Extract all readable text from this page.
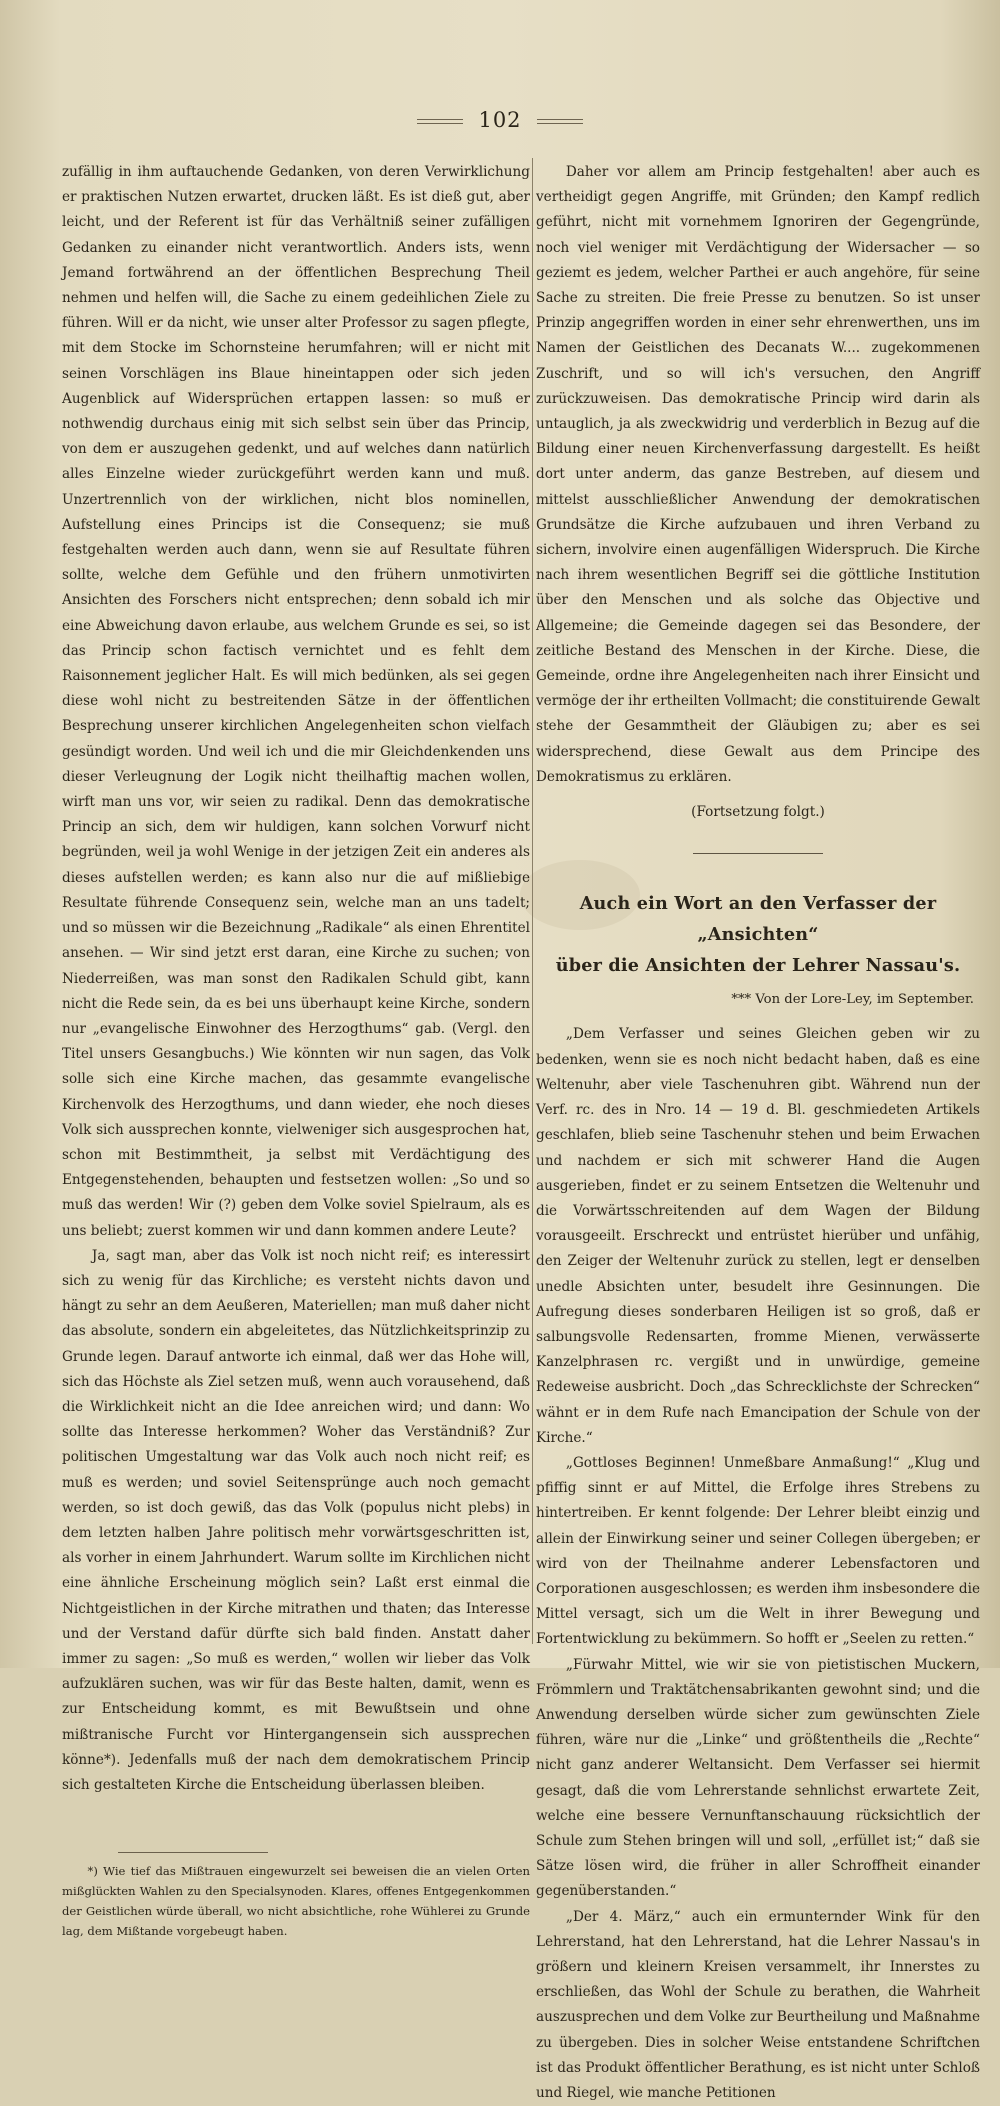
102

zufällig in ihm auftauchende Gedanken, von deren Verwirklichung er praktischen Nutzen erwartet, drucken läßt. Es ist dieß gut, aber leicht, und der Referent ist für das Verhältniß seiner zufälligen Gedanken zu einander nicht verantwortlich. Anders ists, wenn Jemand fortwährend an der öffentlichen Besprechung Theil nehmen und helfen will, die Sache zu einem gedeihlichen Ziele zu führen. Will er da nicht, wie unser alter Professor zu sagen pflegte, mit dem Stocke im Schornsteine herumfahren; will er nicht mit seinen Vorschlägen ins Blaue hineintappen oder sich jeden Augenblick auf Widersprüchen ertappen lassen: so muß er nothwendig durchaus einig mit sich selbst sein über das Princip, von dem er auszugehen gedenkt, und auf welches dann natürlich alles Einzelne wieder zurückgeführt werden kann und muß. Unzertrennlich von der wirklichen, nicht blos nominellen, Aufstellung eines Princips ist die Consequenz; sie muß festgehalten werden auch dann, wenn sie auf Resultate führen sollte, welche dem Gefühle und den frühern unmotivirten Ansichten des Forschers nicht entsprechen; denn sobald ich mir eine Abweichung davon erlaube, aus welchem Grunde es sei, so ist das Princip schon factisch vernichtet und es fehlt dem Raisonnement jeglicher Halt. Es will mich bedünken, als sei gegen diese wohl nicht zu bestreitenden Sätze in der öffentlichen Besprechung unserer kirchlichen Angelegenheiten schon vielfach gesündigt worden. Und weil ich und die mir Gleichdenkenden uns dieser Verleugnung der Logik nicht theilhaftig machen wollen, wirft man uns vor, wir seien zu radikal. Denn das demokratische Princip an sich, dem wir huldigen, kann solchen Vorwurf nicht begründen, weil ja wohl Wenige in der jetzigen Zeit ein anderes als dieses aufstellen werden; es kann also nur die auf mißliebige Resultate führende Consequenz sein, welche man an uns tadelt; und so müssen wir die Bezeichnung „Radikale“ als einen Ehrentitel ansehen. — Wir sind jetzt erst daran, eine Kirche zu suchen; von Niederreißen, was man sonst den Radikalen Schuld gibt, kann nicht die Rede sein, da es bei uns überhaupt keine Kirche, sondern nur „evangelische Einwohner des Herzogthums“ gab. (Vergl. den Titel unsers Gesangbuchs.) Wie könnten wir nun sagen, das Volk solle sich eine Kirche machen, das gesammte evangelische Kirchenvolk des Herzogthums, und dann wieder, ehe noch dieses Volk sich aussprechen konnte, vielweniger sich ausgesprochen hat, schon mit Bestimmtheit, ja selbst mit Verdächtigung des Entgegenstehenden, behaupten und festsetzen wollen: „So und so muß das werden! Wir (?) geben dem Volke soviel Spielraum, als es uns beliebt; zuerst kommen wir und dann kommen andere Leute?

Ja, sagt man, aber das Volk ist noch nicht reif; es interessirt sich zu wenig für das Kirchliche; es versteht nichts davon und hängt zu sehr an dem Aeußeren, Materiellen; man muß daher nicht das absolute, sondern ein abgeleitetes, das Nützlichkeitsprinzip zu Grunde legen. Darauf antworte ich einmal, daß wer das Hohe will, sich das Höchste als Ziel setzen muß, wenn auch vorausehend, daß die Wirklichkeit nicht an die Idee anreichen wird; und dann: Wo sollte das Interesse herkommen? Woher das Verständniß? Zur politischen Umgestaltung war das Volk auch noch nicht reif; es muß es werden; und soviel Seitensprünge auch noch gemacht werden, so ist doch gewiß, das das Volk (populus nicht plebs) in dem letzten halben Jahre politisch mehr vorwärtsgeschritten ist, als vorher in einem Jahrhundert. Warum sollte im Kirchlichen nicht eine ähnliche Erscheinung möglich sein? Laßt erst einmal die Nichtgeistlichen in der Kirche mitrathen und thaten; das Interesse und der Verstand dafür dürfte sich bald finden. Anstatt daher immer zu sagen: „So muß es werden,“ wollen wir lieber das Volk aufzuklären suchen, was wir für das Beste halten, damit, wenn es zur Entscheidung kommt, es mit Bewußtsein und ohne mißtranische Furcht vor Hintergangensein sich aussprechen könne*). Jedenfalls muß der nach dem demokratischem Princip sich gestalteten Kirche die Entscheidung überlassen bleiben.

*) Wie tief das Mißtrauen eingewurzelt sei beweisen die an vielen Orten mißglückten Wahlen zu den Specialsynoden. Klares, offenes Entgegenkommen der Geistlichen würde überall, wo nicht absichtliche, rohe Wühlerei zu Grunde lag, dem Mißtande vorgebeugt haben.

Daher vor allem am Princip festgehalten! aber auch es vertheidigt gegen Angriffe, mit Gründen; den Kampf redlich geführt, nicht mit vornehmem Ignoriren der Gegengründe, noch viel weniger mit Verdächtigung der Widersacher — so geziemt es jedem, welcher Parthei er auch angehöre, für seine Sache zu streiten. Die freie Presse zu benutzen. So ist unser Prinzip angegriffen worden in einer sehr ehrenwerthen, uns im Namen der Geistlichen des Decanats W.... zugekommenen Zuschrift, und so will ich's versuchen, den Angriff zurückzuweisen. Das demokratische Princip wird darin als untauglich, ja als zweckwidrig und verderblich in Bezug auf die Bildung einer neuen Kirchenverfassung dargestellt. Es heißt dort unter anderm, das ganze Bestreben, auf diesem und mittelst ausschließlicher Anwendung der demokratischen Grundsätze die Kirche aufzubauen und ihren Verband zu sichern, involvire einen augenfälligen Widerspruch. Die Kirche nach ihrem wesentlichen Begriff sei die göttliche Institution über den Menschen und als solche das Objective und Allgemeine; die Gemeinde dagegen sei das Besondere, der zeitliche Bestand des Menschen in der Kirche. Diese, die Gemeinde, ordne ihre Angelegenheiten nach ihrer Einsicht und vermöge der ihr ertheilten Vollmacht; die constituirende Gewalt stehe der Gesammtheit der Gläubigen zu; aber es sei widersprechend, diese Gewalt aus dem Principe des Demokratismus zu erklären.

(Fortsetzung folgt.)
Auch ein Wort an den Verfasser der „Ansichten“
über die Ansichten der Lehrer Nassau's.
*** Von der Lore-Ley, im September.

„Dem Verfasser und seines Gleichen geben wir zu bedenken, wenn sie es noch nicht bedacht haben, daß es eine Weltenuhr, aber viele Taschenuhren gibt. Während nun der Verf. rc. des in Nro. 14 — 19 d. Bl. geschmiedeten Artikels geschlafen, blieb seine Taschenuhr stehen und beim Erwachen und nachdem er sich mit schwerer Hand die Augen ausgerieben, findet er zu seinem Entsetzen die Weltenuhr und die Vorwärtsschreitenden auf dem Wagen der Bildung vorausgeeilt. Erschreckt und entrüstet hierüber und unfähig, den Zeiger der Weltenuhr zurück zu stellen, legt er denselben unedle Absichten unter, besudelt ihre Gesinnungen. Die Aufregung dieses sonderbaren Heiligen ist so groß, daß er salbungsvolle Redensarten, fromme Mienen, verwässerte Kanzelphrasen rc. vergißt und in unwürdige, gemeine Redeweise ausbricht. Doch „das Schrecklichste der Schrecken“ wähnt er in dem Rufe nach Emancipation der Schule von der Kirche.“

„Gottloses Beginnen! Unmeßbare Anmaßung!“ „Klug und pfiffig sinnt er auf Mittel, die Erfolge ihres Strebens zu hintertreiben. Er kennt folgende: Der Lehrer bleibt einzig und allein der Einwirkung seiner und seiner Collegen übergeben; er wird von der Theilnahme anderer Lebensfactoren und Corporationen ausgeschlossen; es werden ihm insbesondere die Mittel versagt, sich um die Welt in ihrer Bewegung und Fortentwicklung zu bekümmern. So hofft er „Seelen zu retten.“

„Fürwahr Mittel, wie wir sie von pietistischen Muckern, Frömmlern und Traktätchensabrikanten gewohnt sind; und die Anwendung derselben würde sicher zum gewünschten Ziele führen, wäre nur die „Linke“ und größtentheils die „Rechte“ nicht ganz anderer Weltansicht. Dem Verfasser sei hiermit gesagt, daß die vom Lehrerstande sehnlichst erwartete Zeit, welche eine bessere Vernunftanschauung rücksichtlich der Schule zum Stehen bringen will und soll, „erfüllet ist;“ daß sie Sätze lösen wird, die früher in aller Schroffheit einander gegenüberstanden.“

„Der 4. März,“ auch ein ermunternder Wink für den Lehrerstand, hat den Lehrerstand, hat die Lehrer Nassau's in größern und kleinern Kreisen versammelt, ihr Innerstes zu erschließen, das Wohl der Schule zu berathen, die Wahrheit auszusprechen und dem Volke zur Beurtheilung und Maßnahme zu übergeben. Dies in solcher Weise entstandene Schriftchen ist das Produkt öffentlicher Berathung, es ist nicht unter Schloß und Riegel, wie manche Petitionen
